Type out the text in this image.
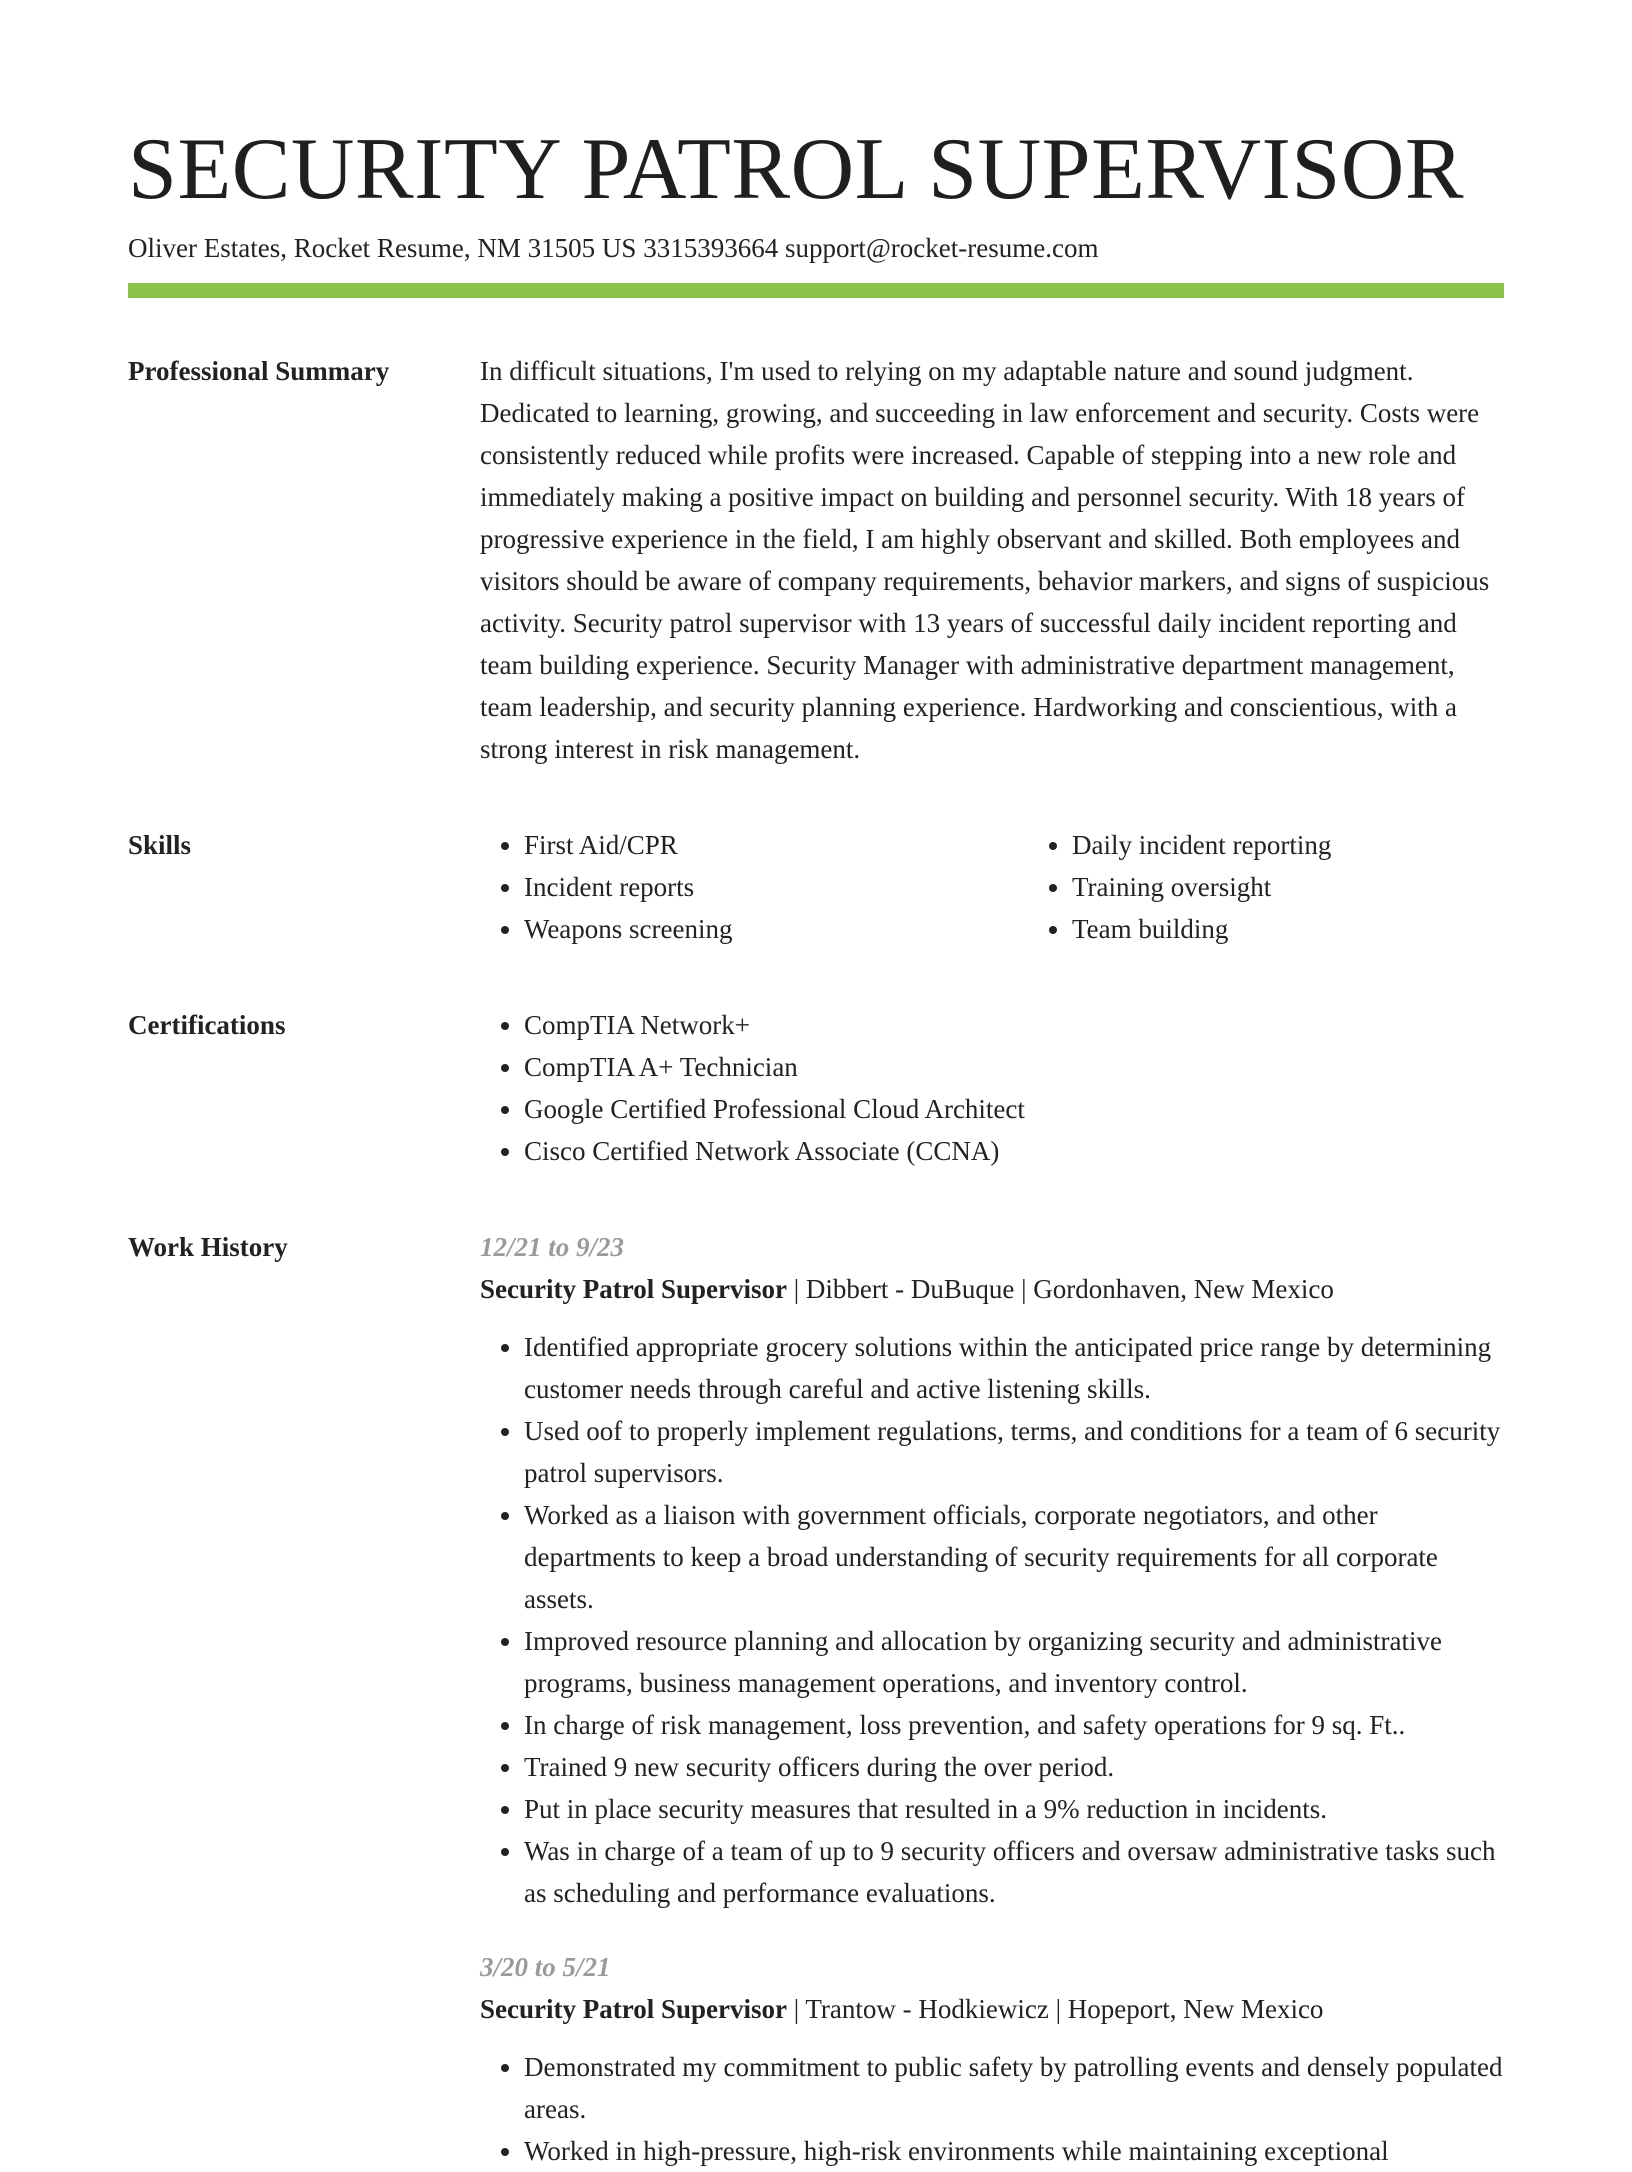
SECURITY PATROL SUPERVISOR
Oliver Estates, Rocket Resume, NM 31505 US 3315393664 support@rocket-resume.com
Professional Summary	In difficult situations, I'm used to relying on my adaptable nature and sound judgment. Dedicated to learning, growing, and succeeding in law enforcement and security. Costs were consistently reduced while profits were increased. Capable of stepping into a new role and immediately making a positive impact on building and personnel security. With 18 years of progressive experience in the field, I am highly observant and skilled. Both employees and visitors should be aware of company requirements, behavior markers, and signs of suspicious activity. Security patrol supervisor with 13 years of successful daily incident reporting and team building experience. Security Manager with administrative department management, team leadership, and security planning experience. Hardworking and conscientious, with a strong interest in risk management.

Skills	• First Aid/CPR
• Incident reports
• Weapons screening
• Daily incident reporting
• Training oversight
• Team building
Certifications	• CompTIA Network+
• CompTIA A+ Technician
• Google Certified Professional Cloud Architect
• Cisco Certified Network Associate (CCNA)
Work History	12/21 to 9/23
Security Patrol Supervisor | Dibbert - DuBuque | Gordonhaven, New Mexico
• Identified appropriate grocery solutions within the anticipated price range by determining customer needs through careful and active listening skills.
• Used oof to properly implement regulations, terms, and conditions for a team of 6 security patrol supervisors.
• Worked as a liaison with government officials, corporate negotiators, and other departments to keep a broad understanding of security requirements for all corporate assets.
• Improved resource planning and allocation by organizing security and administrative programs, business management operations, and inventory control.
• In charge of risk management, loss prevention, and safety operations for 9 sq. Ft..
• Trained 9 new security officers during the over period.
• Put in place security measures that resulted in a 9% reduction in incidents.
• Was in charge of a team of up to 9 security officers and oversaw administrative tasks such as scheduling and performance evaluations.
3/20 to 5/21
Security Patrol Supervisor | Trantow - Hodkiewicz | Hopeport, New Mexico
• Demonstrated my commitment to public safety by patrolling events and densely populated areas.
• Worked in high-pressure, high-risk environments while maintaining exceptional
